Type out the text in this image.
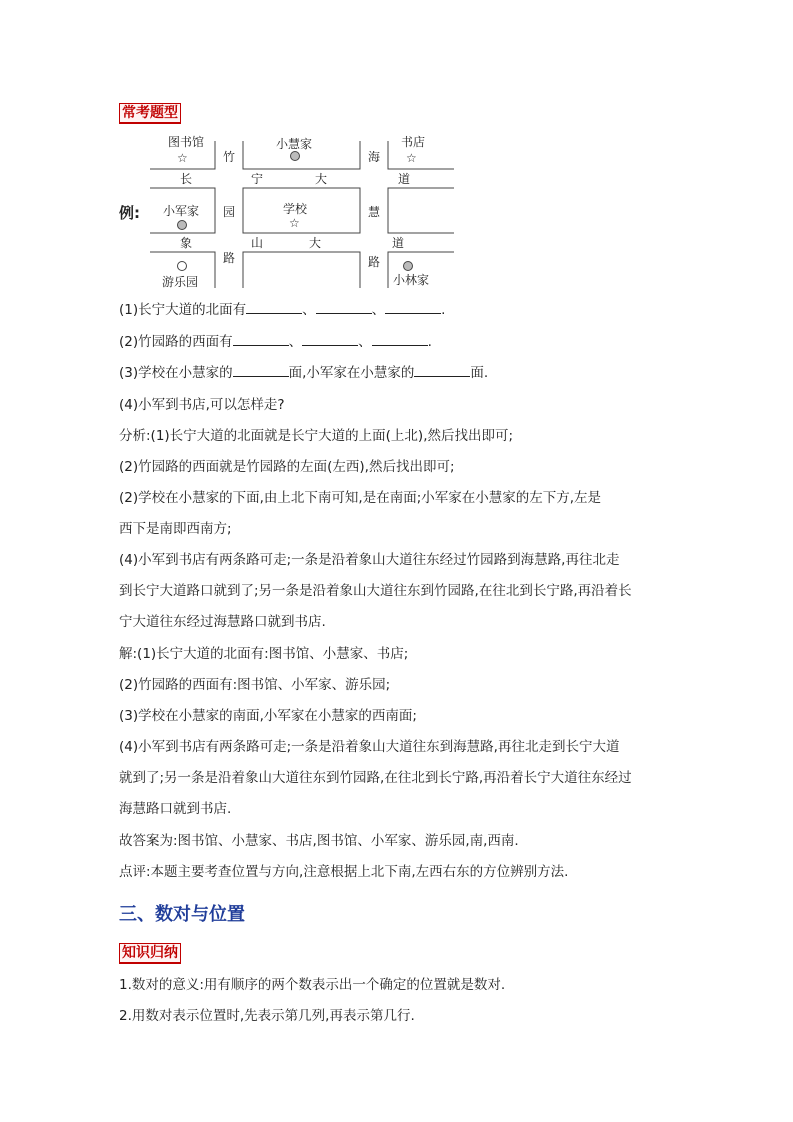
常考题型
例:
图书馆
☆
小慧家	书店
☆
小军家	学校
☆
游乐园	小林家
竹
园
路
海
慧
路
长	宁	大	道
象	山	大	道
(1)长宁大道的北面有	、	、	.
(2)竹园路的西面有	、	、	.
(3)学校在小慧家的	面,小军家在小慧家的	面.
(4)小军到书店,可以怎样走?
分析:(1)长宁大道的北面就是长宁大道的上面(上北),然后找出即可;
(2)竹园路的西面就是竹园路的左面(左西),然后找出即可;
(2)学校在小慧家的下面,由上北下南可知,是在南面;小军家在小慧家的左下方,左是
西下是南即西南方;
(4)小军到书店有两条路可走;一条是沿着象山大道往东经过竹园路到海慧路,再往北走
到长宁大道路口就到了;另一条是沿着象山大道往东到竹园路,在往北到长宁路,再沿着长
宁大道往东经过海慧路口就到书店.
解:(1)长宁大道的北面有:图书馆、小慧家、书店;
(2)竹园路的西面有:图书馆、小军家、游乐园;
(3)学校在小慧家的南面,小军家在小慧家的西南面;
(4)小军到书店有两条路可走;一条是沿着象山大道往东到海慧路,再往北走到长宁大道
就到了;另一条是沿着象山大道往东到竹园路,在往北到长宁路,再沿着长宁大道往东经过
海慧路口就到书店.
故答案为:图书馆、小慧家、书店,图书馆、小军家、游乐园,南,西南.
点评:本题主要考查位置与方向,注意根据上北下南,左西右东的方位辨别方法.
三、数对与位置
知识归纳
1.数对的意义:用有顺序的两个数表示出一个确定的位置就是数对.
2.用数对表示位置时,先表示第几列,再表示第几行.
